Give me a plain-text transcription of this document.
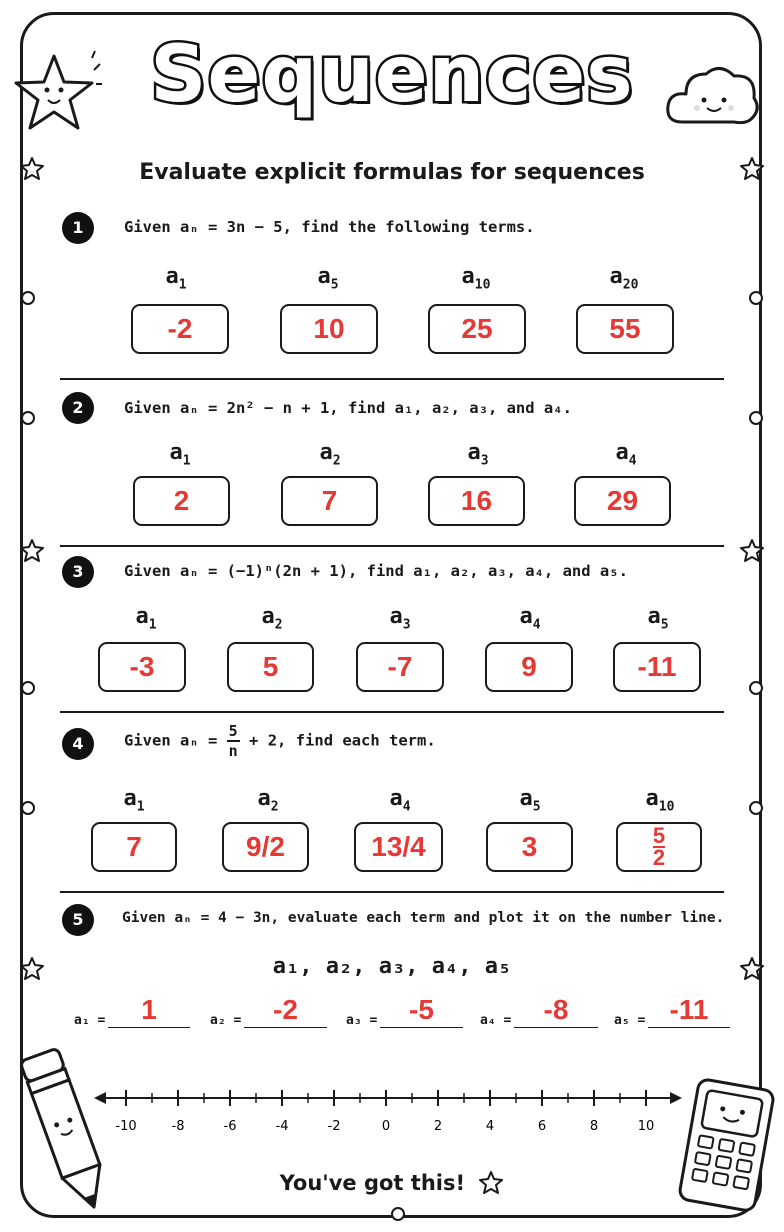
Sequences
Evaluate explicit formulas for sequences
1	Given aₙ = 3n − 5, find the following terms.
$a_1$	$a_5$	$a_{10}$	$a_{20}$
-2	10	25	55
2	Given aₙ = 2n² − n + 1, find a₁, a₂, a₃, and a₄.
$a_1$	$a_2$	$a_3$	$a_4$
2	7	16	29
3	Given aₙ = (−1)ⁿ(2n + 1), find a₁, a₂, a₃, a₄, and a₅.
$a_1$	$a_2$	$a_3$	$a_4$	$a_5$
-3	5	-7	9	-11
4	Given $a_n = \frac{5}{n} + 2$, find each term.
$a_1$	$a_2$	$a_4$	$a_5$	$a_{10}$
7	9/2	13/4	3	$\frac{5}{2}$
5	Given aₙ = 4 − 3n, evaluate each term and plot it on the number line.
a₁, a₂, a₃, a₄, a₅
a₁ =	1	a₂ =	-2	a₃ =	-5	a₄ =	-8	a₅ = -11
-10	-8	-6	-4	-2	0	2	4	6	8	10
You've got this!
